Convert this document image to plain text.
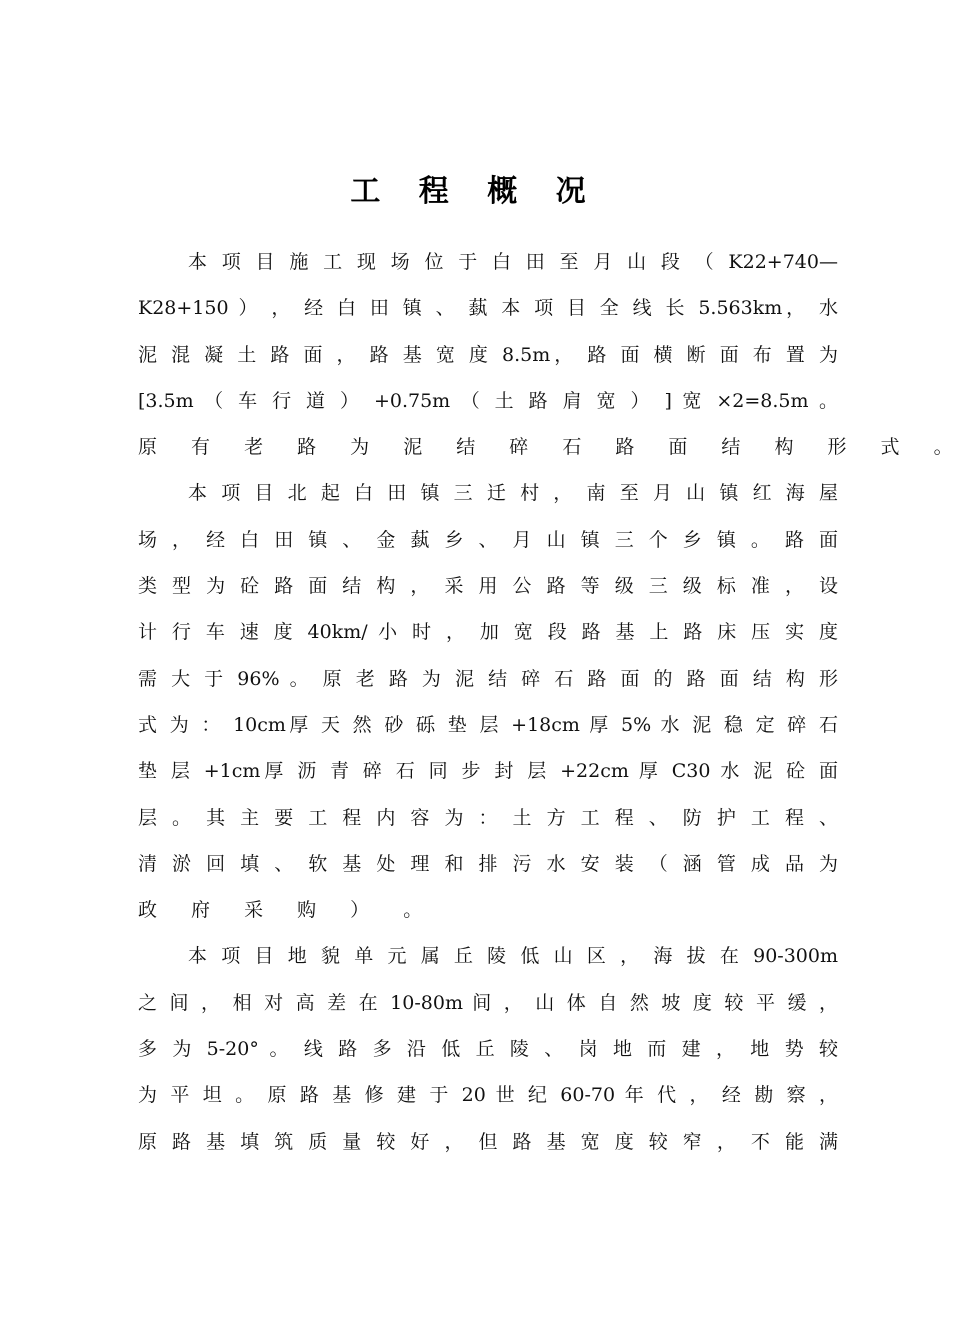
工 程 概 况
本 项 目 施 工 现 场 位 于 白 田 至 月 山 段 （ K22+740—
K28+150 ） ， 经 白 田 镇 、 蓺 本 项 目 全 线 长 5.563km， 水
泥 混 凝 土 路 面 ， 路 基 宽 度 8.5m， 路 面 横 断 面 布 置 为
[3.5m （ 车 行 道 ） +0.75m （ 土 路 肩 宽 ） ] 宽 ×2=8.5m 。
原 有 老 路 为 泥 结 碎 石 路 面 结 构 形 式 。
本 项 目 北 起 白 田 镇 三 迁 村 ， 南 至 月 山 镇 红 海 屋
场 ， 经 白 田 镇 、 金 蓺 乡 、 月 山 镇 三 个 乡 镇 。 路 面
类 型 为 砼 路 面 结 构 ， 采 用 公 路 等 级 三 级 标 准 ， 设
计 行 车 速 度 40km/ 小 时 ， 加 宽 段 路 基 上 路 床 压 实 度
需 大 于 96% 。 原 老 路 为 泥 结 碎 石 路 面 的 路 面 结 构 形
式 为 ： 10cm厚 天 然 砂 砾 垫 层 +18cm 厚 5% 水 泥 稳 定 碎 石
垫 层 +1cm厚 沥 青 碎 石 同 步 封 层 +22cm 厚 C30 水 泥 砼 面
层 。 其 主 要 工 程 内 容 为 ： 土 方 工 程 、 防 护 工 程 、
清 淤 回 填 、 软 基 处 理 和 排 污 水 安 装 （ 涵 管 成 品 为
政 府 采 购 ） 。
本 项 目 地 貌 单 元 属 丘 陵 低 山 区 ， 海 拔 在 90-300m
之 间 ， 相 对 高 差 在 10-80m 间 ， 山 体 自 然 坡 度 较 平 缓 ，
多 为 5-20° 。 线 路 多 沿 低 丘 陵 、 岗 地 而 建 ， 地 势 较
为 平 坦 。 原 路 基 修 建 于 20 世 纪 60-70 年 代 ， 经 勘 察 ，
原 路 基 填 筑 质 量 较 好 ， 但 路 基 宽 度 较 窄 ， 不 能 满
